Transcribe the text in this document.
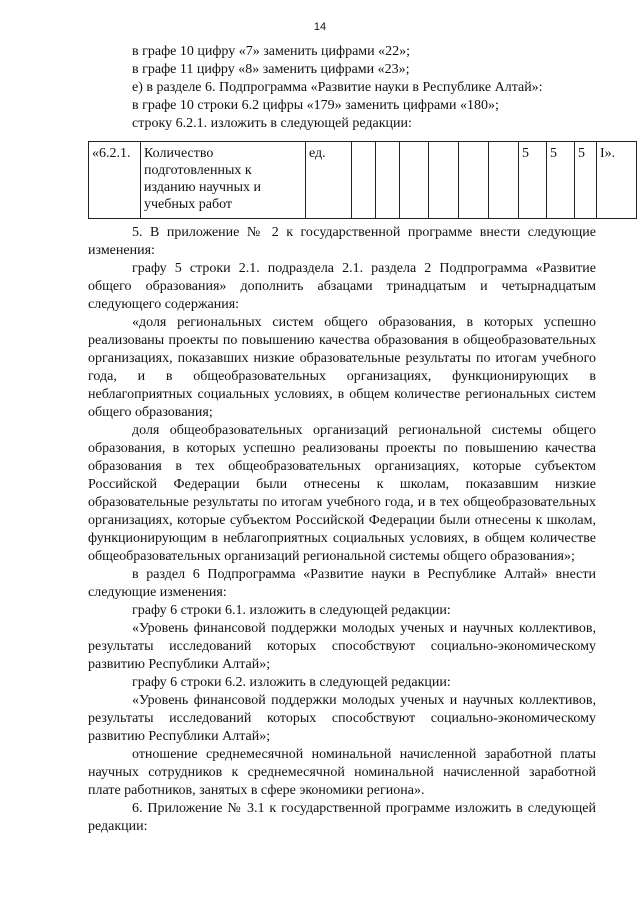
14
в графе 10 цифру «7» заменить цифрами «22»;
в графе 11 цифру «8» заменить цифрами «23»;
е) в разделе 6. Подпрограмма «Развитие науки в Республике Алтай»:
в графе 10 строки 6.2 цифры «179» заменить цифрами «180»;
строку 6.2.1. изложить в следующей редакции:
«6.2.1.	Количество подготовленных к изданию научных и учебных работ	ед.							5	5	5	I».

5. В приложение № 2 к государственной программе внести следующие изменения:

графу 5 строки 2.1. подраздела 2.1. раздела 2 Подпрограмма «Развитие общего образования» дополнить абзацами тринадцатым и четырнадцатым следующего содержания:

«доля региональных систем общего образования, в которых успешно реализованы проекты по повышению качества образования в общеобразовательных организациях, показавших низкие образовательные результаты по итогам учебного года, и в общеобразовательных организациях, функционирующих в неблагоприятных социальных условиях, в общем количестве региональных систем общего образования;

доля общеобразовательных организаций региональной системы общего образования, в которых успешно реализованы проекты по повышению качества образования в тех общеобразовательных организациях, которые субъектом Российской Федерации были отнесены к школам, показавшим низкие образовательные результаты по итогам учебного года, и в тех общеобразовательных организациях, которые субъектом Российской Федерации были отнесены к школам, функционирующим в неблагоприятных социальных условиях, в общем количестве общеобразовательных организаций региональной системы общего образования»;

в раздел 6 Подпрограмма «Развитие науки в Республике Алтай» внести следующие изменения:

графу 6 строки 6.1. изложить в следующей редакции:

«Уровень финансовой поддержки молодых ученых и научных коллективов, результаты исследований которых способствуют социально-экономическому развитию Республики Алтай»;

графу 6 строки 6.2. изложить в следующей редакции:

«Уровень финансовой поддержки молодых ученых и научных коллективов, результаты исследований которых способствуют социально-экономическому развитию Республики Алтай»;

отношение среднемесячной номинальной начисленной заработной платы научных сотрудников к среднемесячной номинальной начисленной заработной плате работников, занятых в сфере экономики региона».

6. Приложение № 3.1 к государственной программе изложить в следующей редакции:
